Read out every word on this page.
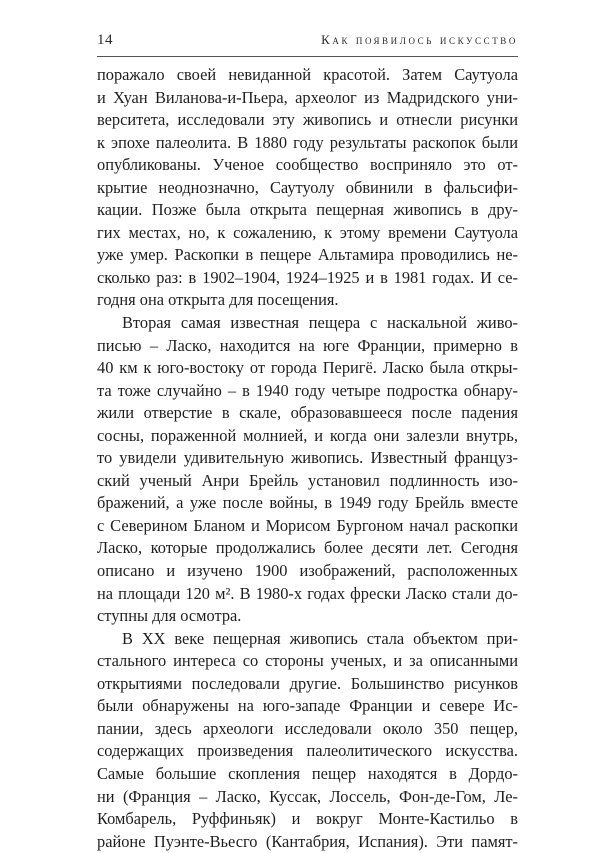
14	Как появилось искусство
поражало своей невиданной красотой. Затем Саутуола
и Хуан Виланова-и-Пьера, археолог из Мадридского уни-
верситета, исследовали эту живопись и отнесли рисунки
к эпохе палеолита. В 1880 году результаты раскопок были
опубликованы. Ученое сообщество восприняло это от-
крытие неоднозначно, Саутуолу обвинили в фальсифи-
кации. Позже была открыта пещерная живопись в дру-
гих местах, но, к сожалению, к этому времени Саутуола
уже умер. Раскопки в пещере Альтамира проводились не-
сколько раз: в 1902–1904, 1924–1925 и в 1981 годах. И се-
годня она открыта для посещения.
Вторая самая известная пещера с наскальной живо-
писью – Ласко, находится на юге Франции, примерно в
40 км к юго-востоку от города Перигё. Ласко была откры-
та тоже случайно – в 1940 году четыре подростка обнару-
жили отверстие в скале, образовавшееся после падения
сосны, пораженной молнией, и когда они залезли внутрь,
то увидели удивительную живопись. Известный француз-
ский ученый Анри Брейль установил подлинность изо-
бражений, а уже после войны, в 1949 году Брейль вместе
с Северином Бланом и Морисом Бургоном начал раскопки
Ласко, которые продолжались более десяти лет. Сегодня
описано и изучено 1900 изображений, расположенных
на площади 120 м². В 1980-х годах фрески Ласко стали до-
ступны для осмотра.
В XX веке пещерная живопись стала объектом при-
стального интереса со стороны ученых, и за описанными
открытиями последовали другие. Большинство рисунков
были обнаружены на юго-западе Франции и севере Ис-
пании, здесь археологи исследовали около 350 пещер,
содержащих произведения палеолитического искусства.
Самые большие скопления пещер находятся в Дордо-
ни (Франция – Ласко, Куссак, Лоссель, Фон-де-Гом, Ле-
Комбарель, Руффиньяк) и вокруг Монте-Кастильо в
районе Пуэнте-Вьесго (Кантабрия, Испания). Эти памят-
